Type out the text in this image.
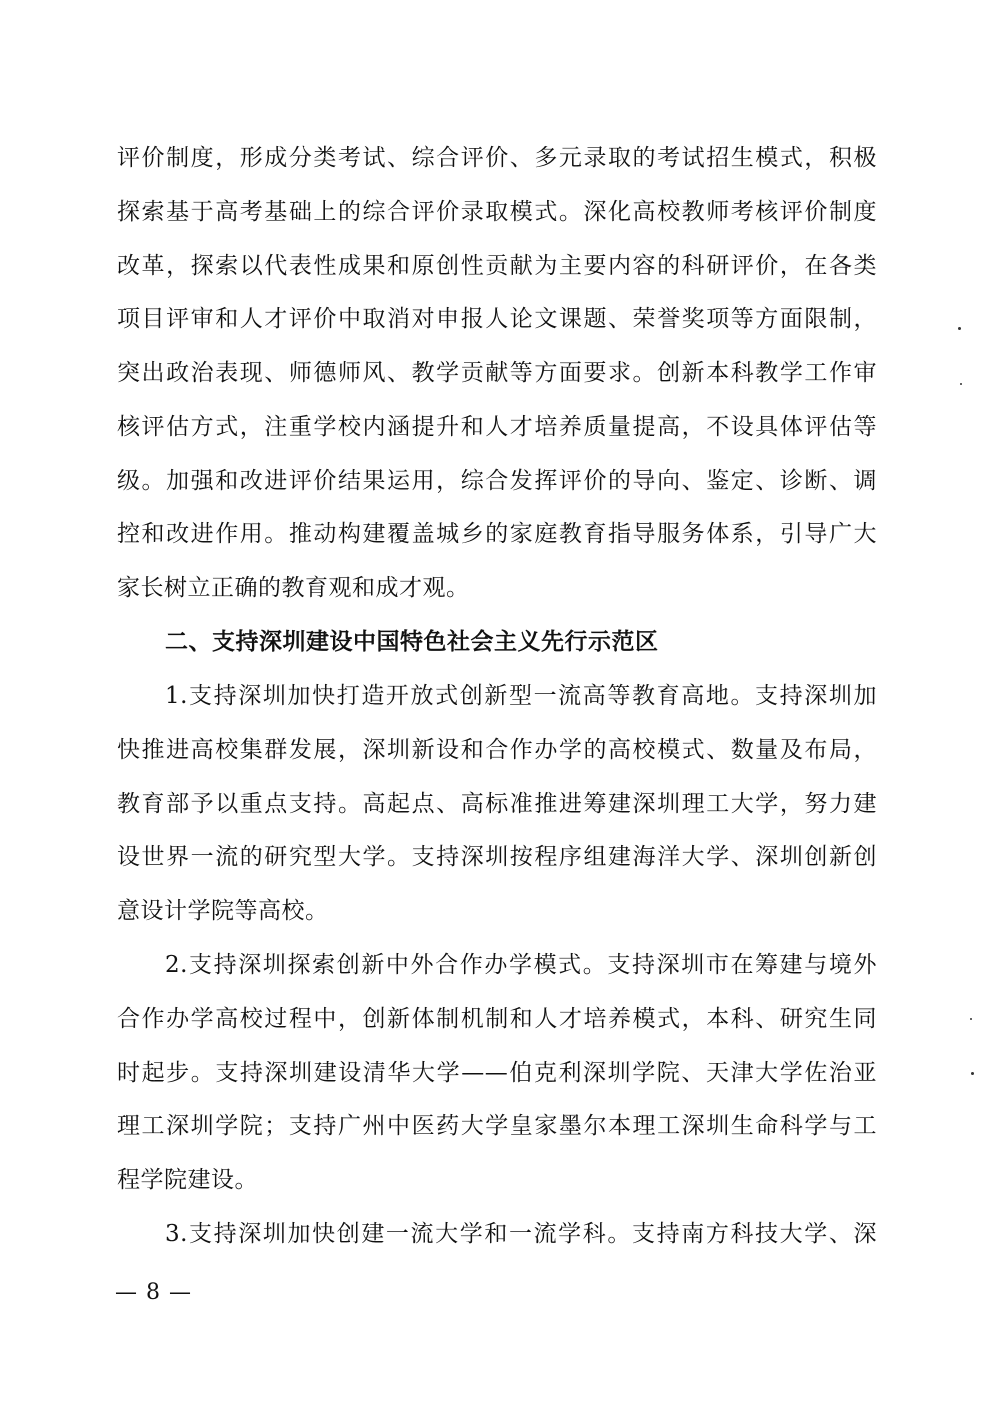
评价制度，形成分类考试、综合评价、多元录取的考试招生模式，积极
探索基于高考基础上的综合评价录取模式。深化高校教师考核评价制度
改革，探索以代表性成果和原创性贡献为主要内容的科研评价，在各类
项目评审和人才评价中取消对申报人论文课题、荣誉奖项等方面限制，
突出政治表现、师德师风、教学贡献等方面要求。创新本科教学工作审
核评估方式，注重学校内涵提升和人才培养质量提高，不设具体评估等
级。加强和改进评价结果运用，综合发挥评价的导向、鉴定、诊断、调
控和改进作用。推动构建覆盖城乡的家庭教育指导服务体系，引导广大
家长树立正确的教育观和成才观。
二、支持深圳建设中国特色社会主义先行示范区
1.支持深圳加快打造开放式创新型一流高等教育高地。支持深圳加
快推进高校集群发展，深圳新设和合作办学的高校模式、数量及布局，
教育部予以重点支持。高起点、高标准推进筹建深圳理工大学，努力建
设世界一流的研究型大学。支持深圳按程序组建海洋大学、深圳创新创
意设计学院等高校。
2.支持深圳探索创新中外合作办学模式。支持深圳市在筹建与境外
合作办学高校过程中，创新体制机制和人才培养模式，本科、研究生同
时起步。支持深圳建设清华大学——伯克利深圳学院、天津大学佐治亚
理工深圳学院；支持广州中医药大学皇家墨尔本理工深圳生命科学与工
程学院建设。
3.支持深圳加快创建一流大学和一流学科。支持南方科技大学、深
— 8 —
